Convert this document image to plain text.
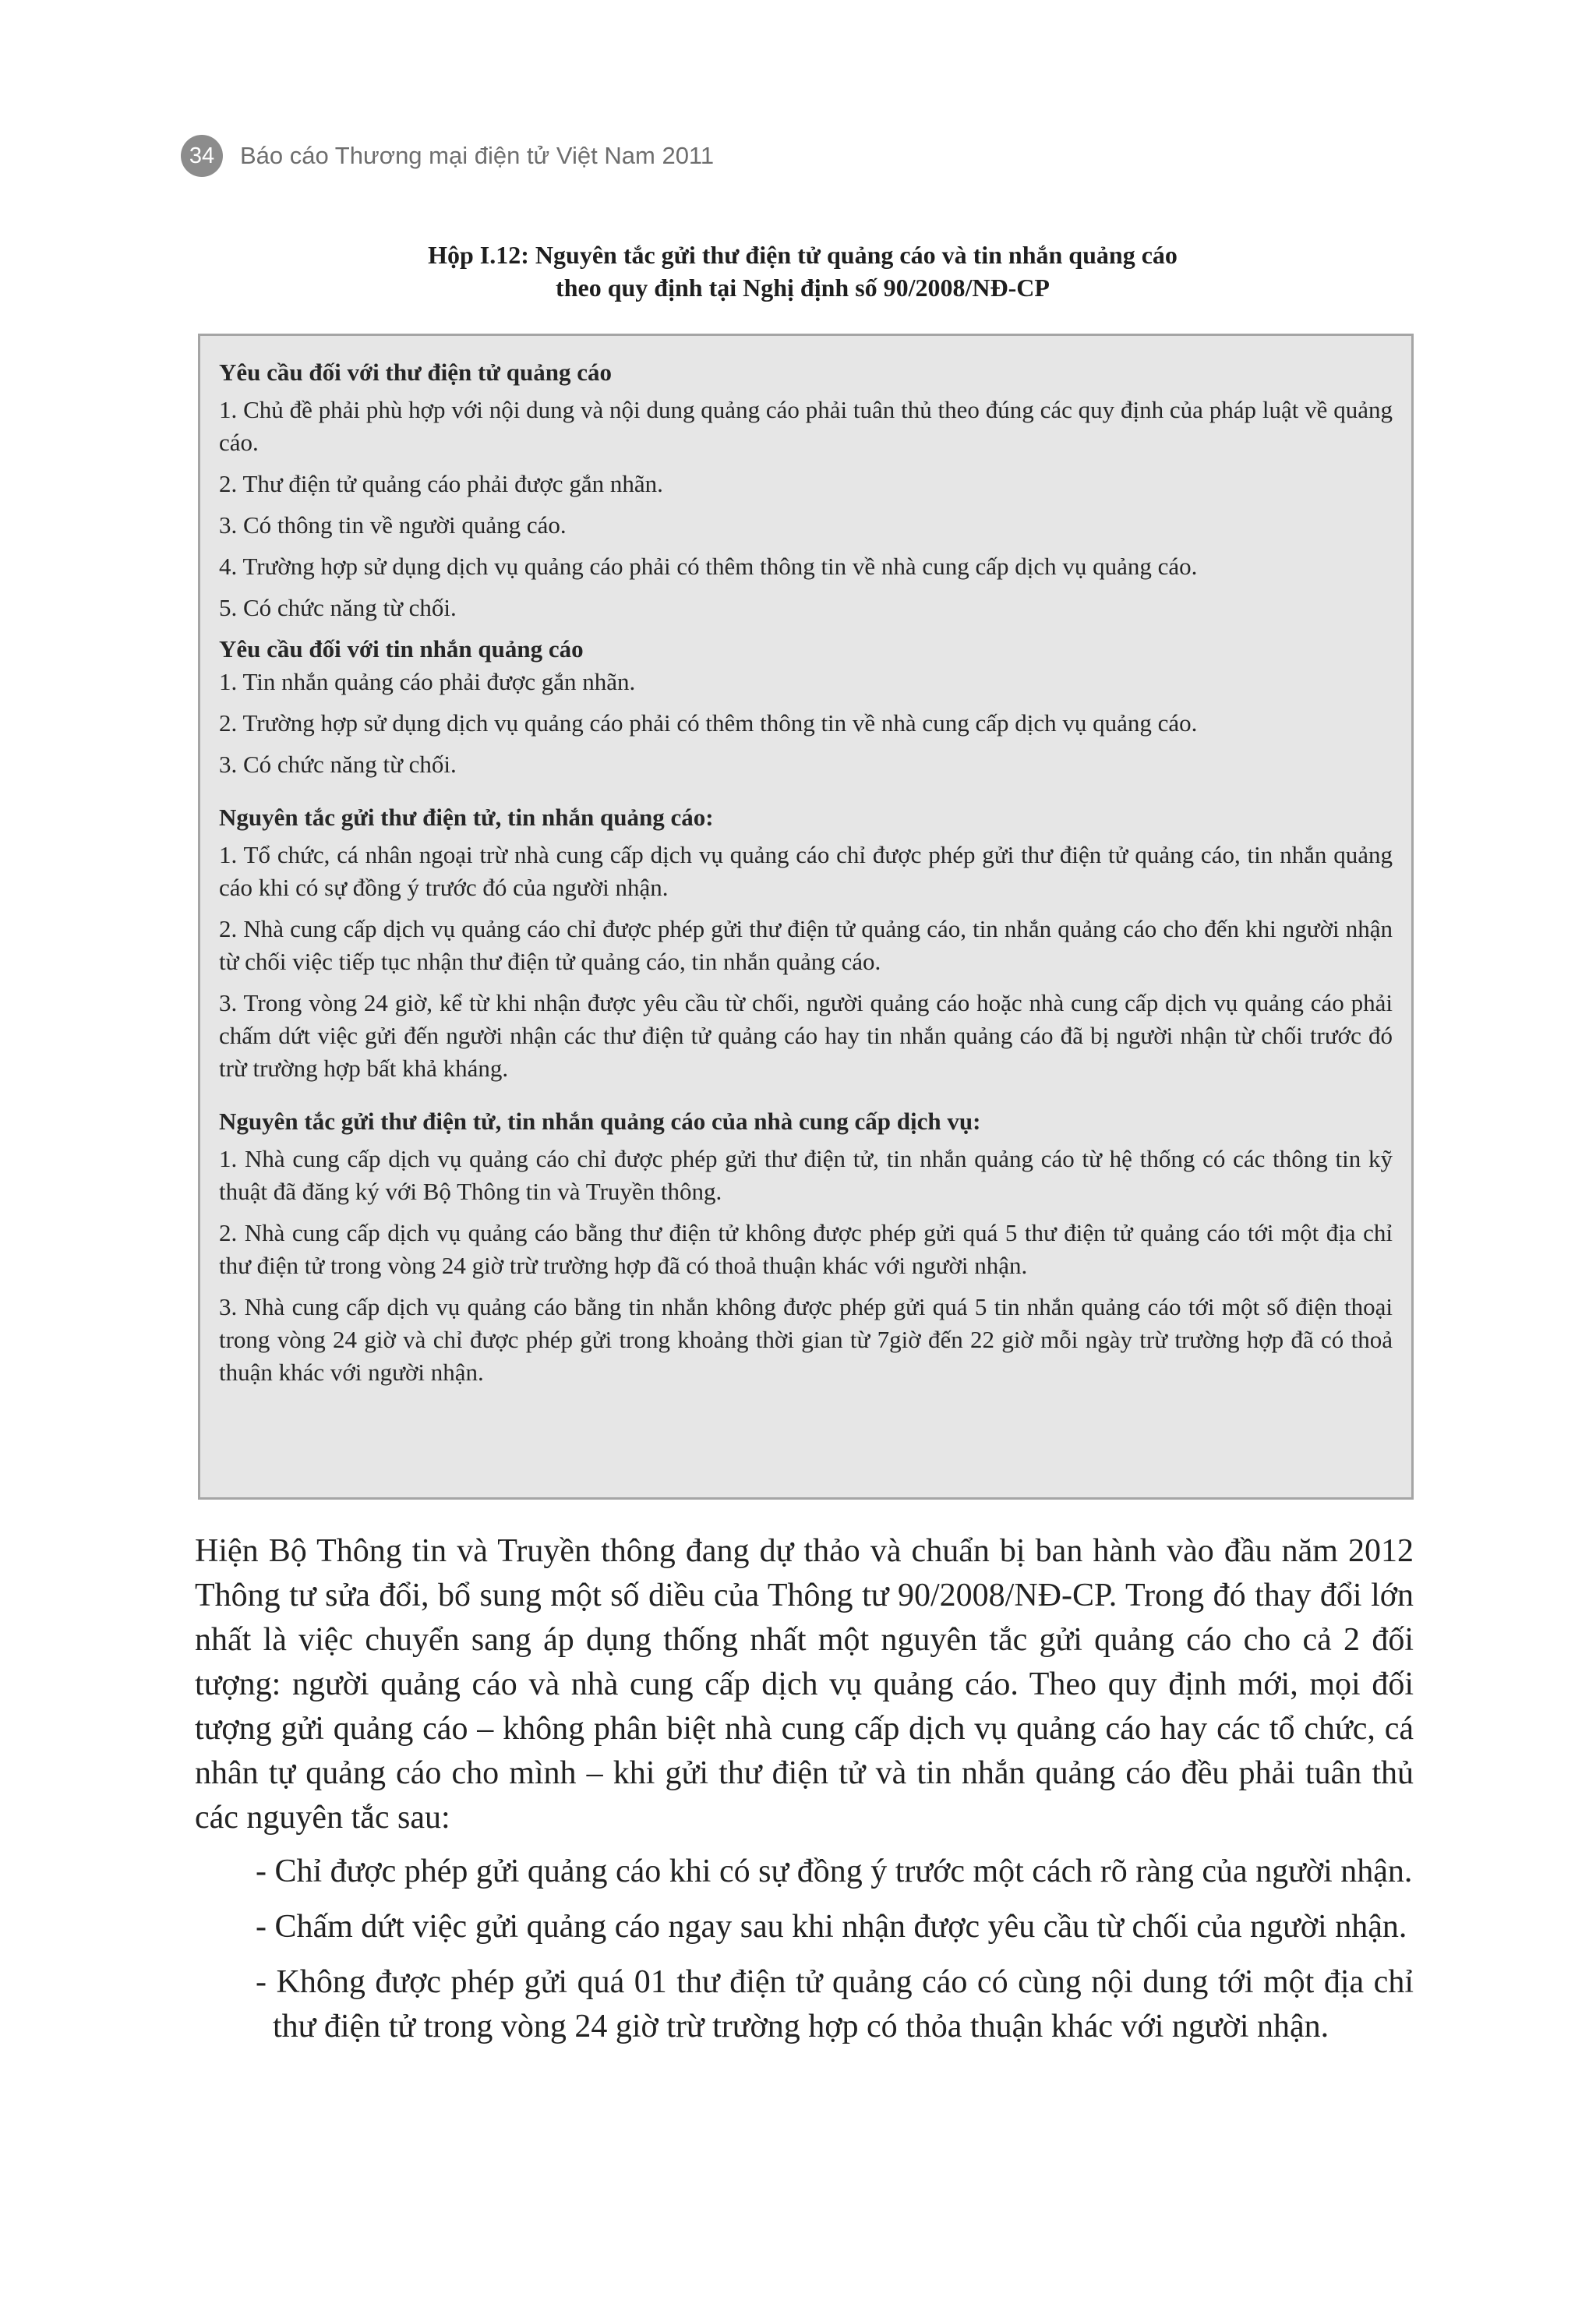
34	Báo cáo Thương mại điện tử Việt Nam 2011
Hộp I.12: Nguyên tắc gửi thư điện tử quảng cáo và tin nhắn quảng cáo
theo quy định tại Nghị định số 90/2008/NĐ-CP
Yêu cầu đối với thư điện tử quảng cáo

1. Chủ đề phải phù hợp với nội dung và nội dung quảng cáo phải tuân thủ theo đúng các quy định của pháp luật về quảng cáo.

2. Thư điện tử quảng cáo phải được gắn nhãn.

3. Có thông tin về người quảng cáo.

4. Trường hợp sử dụng dịch vụ quảng cáo phải có thêm thông tin về nhà cung cấp dịch vụ quảng cáo.

5. Có chức năng từ chối.

Yêu cầu đối với tin nhắn quảng cáo

1. Tin nhắn quảng cáo phải được gắn nhãn.

2. Trường hợp sử dụng dịch vụ quảng cáo phải có thêm thông tin về nhà cung cấp dịch vụ quảng cáo.

3. Có chức năng từ chối.

Nguyên tắc gửi thư điện tử, tin nhắn quảng cáo:

1. Tổ chức, cá nhân ngoại trừ nhà cung cấp dịch vụ quảng cáo chỉ được phép gửi thư điện tử quảng cáo, tin nhắn quảng cáo khi có sự đồng ý trước đó của người nhận.

2. Nhà cung cấp dịch vụ quảng cáo chỉ được phép gửi thư điện tử quảng cáo, tin nhắn quảng cáo cho đến khi người nhận từ chối việc tiếp tục nhận thư điện tử quảng cáo, tin nhắn quảng cáo.

3. Trong vòng 24 giờ, kể từ khi nhận được yêu cầu từ chối, người quảng cáo hoặc nhà cung cấp dịch vụ quảng cáo phải chấm dứt việc gửi đến người nhận các thư điện tử quảng cáo hay tin nhắn quảng cáo đã bị người nhận từ chối trước đó trừ trường hợp bất khả kháng.

Nguyên tắc gửi thư điện tử, tin nhắn quảng cáo của nhà cung cấp dịch vụ:

1. Nhà cung cấp dịch vụ quảng cáo chỉ được phép gửi thư điện tử, tin nhắn quảng cáo từ hệ thống có các thông tin kỹ thuật đã đăng ký với Bộ Thông tin và Truyền thông.

2. Nhà cung cấp dịch vụ quảng cáo bằng thư điện tử không được phép gửi quá 5 thư điện tử quảng cáo tới một địa chỉ thư điện tử trong vòng 24 giờ trừ trường hợp đã có thoả thuận khác với người nhận.

3. Nhà cung cấp dịch vụ quảng cáo bằng tin nhắn không được phép gửi quá 5 tin nhắn quảng cáo tới một số điện thoại trong vòng 24 giờ và chỉ được phép gửi trong khoảng thời gian từ 7giờ đến 22 giờ mỗi ngày trừ trường hợp đã có thoả thuận khác với người nhận.

Hiện Bộ Thông tin và Truyền thông đang dự thảo và chuẩn bị ban hành vào đầu năm 2012 Thông tư sửa đổi, bổ sung một số diều của Thông tư 90/2008/NĐ-CP. Trong đó thay đổi lớn nhất là việc chuyển sang áp dụng thống nhất một nguyên tắc gửi quảng cáo cho cả 2 đối tượng: người quảng cáo và nhà cung cấp dịch vụ quảng cáo. Theo quy định mới, mọi đối tượng gửi quảng cáo – không phân biệt nhà cung cấp dịch vụ quảng cáo hay các tổ chức, cá nhân tự quảng cáo cho mình – khi gửi thư điện tử và tin nhắn quảng cáo đều phải tuân thủ các nguyên tắc sau:

- Chỉ được phép gửi quảng cáo khi có sự đồng ý trước một cách rõ ràng của người nhận.
- Chấm dứt việc gửi quảng cáo ngay sau khi nhận được yêu cầu từ chối của người nhận.
- Không được phép gửi quá 01 thư điện tử quảng cáo có cùng nội dung tới một địa chỉ thư điện tử trong vòng 24 giờ trừ trường hợp có thỏa thuận khác với người nhận.
